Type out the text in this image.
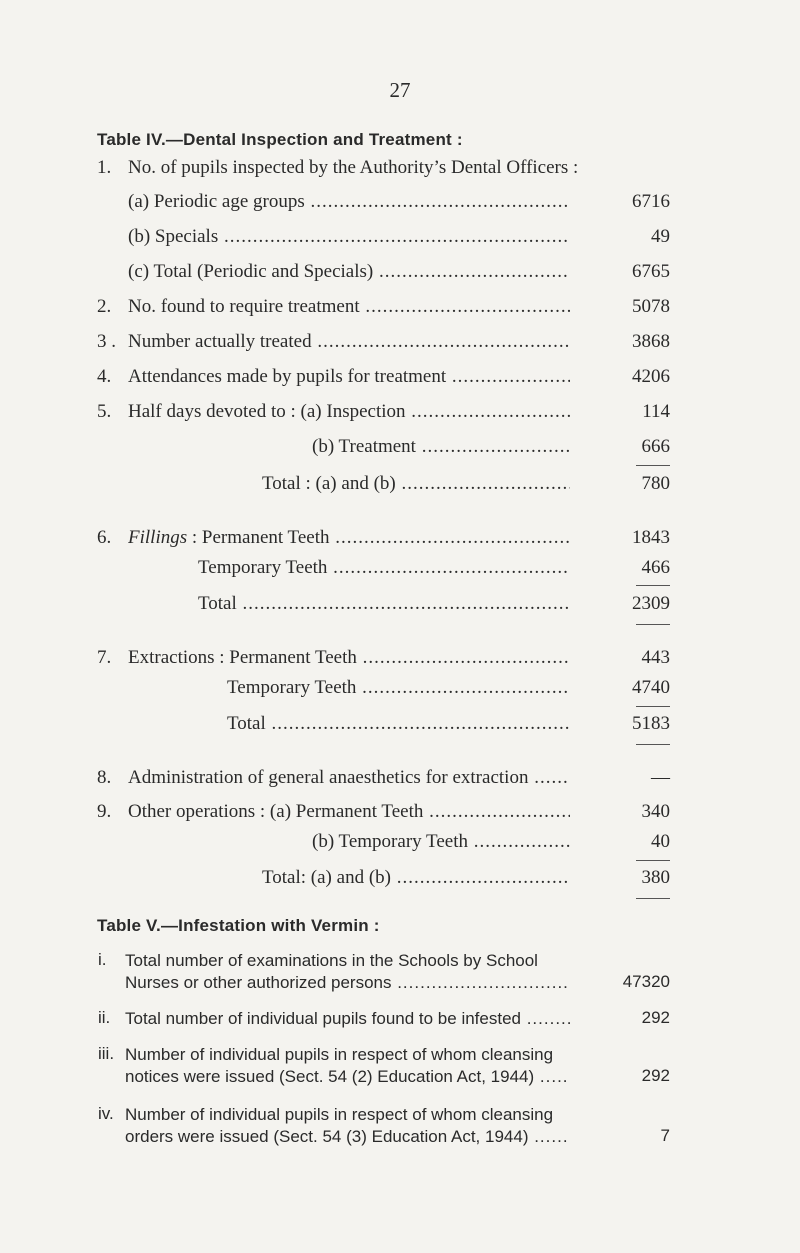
27
Table IV.—Dental Inspection and Treatment :
1. No. of pupils inspected by the Authority’s Dental Officers :
(a) Periodic age groups .....	6716
(b) Specials .....	49
(c) Total (Periodic and Specials) .....	6765
2. No. found to require treatment .....	5078
3 . Number actually treated .....	3868
4. Attendances made by pupils for treatment .....	4206
5. Half days devoted to : (a) Inspection .....	114
(b) Treatment .....	666
Total : (a) and (b) .....	780
6. Fillings : Permanent Teeth .....	1843
Temporary Teeth .....	466
Total .....	2309
7. Extractions : Permanent Teeth .....	443
Temporary Teeth .....	4740
Total .....	5183
8. Administration of general anaesthetics for extraction .....	—
9. Other operations : (a) Permanent Teeth .....	340
(b) Temporary Teeth .....	40
Total: (a) and (b) .....	380
Table V.—Infestation with Vermin :
i. Total number of examinations in the Schools by School
Nurses or other authorized persons .....	47320
ii. Total number of individual pupils found to be infested .....	292
iii. Number of individual pupils in respect of whom cleansing
notices were issued (Sect. 54 (2) Education Act, 1944) .....	292
iv. Number of individual pupils in respect of whom cleansing
orders were issued (Sect. 54 (3) Education Act, 1944) .....	7
